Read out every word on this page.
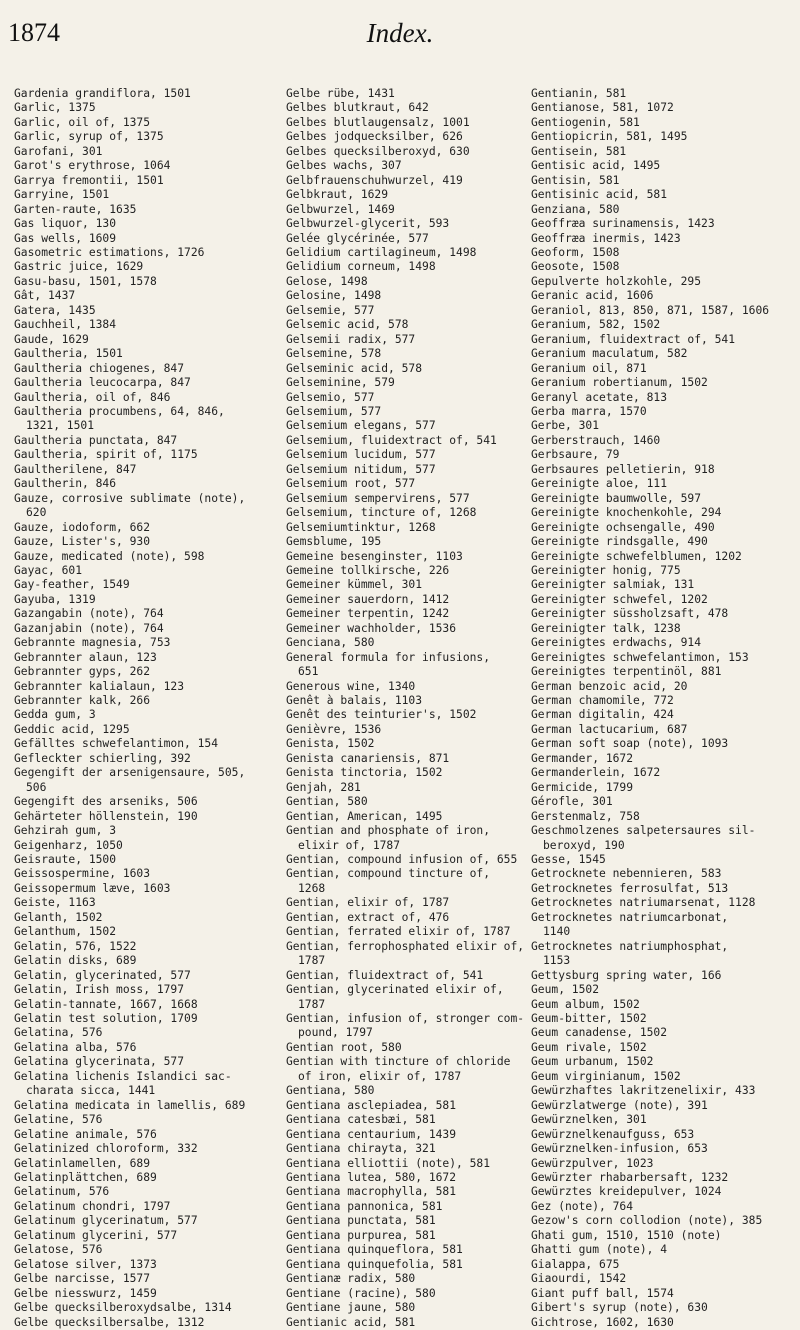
1874	Index.

Gardenia grandiflora, 1501

Garlic, 1375

Garlic, oil of, 1375

Garlic, syrup of, 1375

Garofani, 301

Garot's erythrose, 1064

Garrya fremontii, 1501

Garryine, 1501

Garten-raute, 1635

Gas liquor, 130

Gas wells, 1609

Gasometric estimations, 1726

Gastric juice, 1629

Gasu-basu, 1501, 1578

Gât, 1437

Gatera, 1435

Gauchheil, 1384

Gaude, 1629

Gaultheria, 1501

Gaultheria chiogenes, 847

Gaultheria leucocarpa, 847

Gaultheria, oil of, 846

Gaultheria procumbens, 64, 846,
1321, 1501

Gaultheria punctata, 847

Gaultheria, spirit of, 1175

Gaultherilene, 847

Gaultherin, 846

Gauze, corrosive sublimate (note),
620

Gauze, iodoform, 662

Gauze, Lister's, 930

Gauze, medicated (note), 598

Gayac, 601

Gay-feather, 1549

Gayuba, 1319

Gazangabin (note), 764

Gazanjabin (note), 764

Gebrannte magnesia, 753

Gebrannter alaun, 123

Gebrannter gyps, 262

Gebrannter kalialaun, 123

Gebrannter kalk, 266

Gedda gum, 3

Geddic acid, 1295

Gefälltes schwefelantimon, 154

Gefleckter schierling, 392

Gegengift der arsenigensaure, 505,
506

Gegengift des arseniks, 506

Gehärteter höllenstein, 190

Gehzirah gum, 3

Geigenharz, 1050

Geisraute, 1500

Geissospermine, 1603

Geissopermum læve, 1603

Geiste, 1163

Gelanth, 1502

Gelanthum, 1502

Gelatin, 576, 1522

Gelatin disks, 689

Gelatin, glycerinated, 577

Gelatin, Irish moss, 1797

Gelatin-tannate, 1667, 1668

Gelatin test solution, 1709

Gelatina, 576

Gelatina alba, 576

Gelatina glycerinata, 577

Gelatina lichenis Islandici sac-
charata sicca, 1441

Gelatina medicata in lamellis, 689

Gelatine, 576

Gelatine animale, 576

Gelatinized chloroform, 332

Gelatinlamellen, 689

Gelatinplättchen, 689

Gelatinum, 576

Gelatinum chondri, 1797

Gelatinum glycerinatum, 577

Gelatinum glycerini, 577

Gelatose, 576

Gelatose silver, 1373

Gelbe narcisse, 1577

Gelbe niesswurz, 1459

Gelbe quecksilberoxydsalbe, 1314

Gelbe quecksilbersalbe, 1312

Gelbe rübe, 1431

Gelbes blutkraut, 642

Gelbes blutlaugensalz, 1001

Gelbes jodquecksilber, 626

Gelbes quecksilberoxyd, 630

Gelbes wachs, 307

Gelbfrauenschuhwurzel, 419

Gelbkraut, 1629

Gelbwurzel, 1469

Gelbwurzel-glycerit, 593

Gelée glycérinée, 577

Gelidium cartilagineum, 1498

Gelidium corneum, 1498

Gelose, 1498

Gelosine, 1498

Gelsemie, 577

Gelsemic acid, 578

Gelsemii radix, 577

Gelsemine, 578

Gelseminic acid, 578

Gelseminine, 579

Gelsemio, 577

Gelsemium, 577

Gelsemium elegans, 577

Gelsemium, fluidextract of, 541

Gelsemium lucidum, 577

Gelsemium nitidum, 577

Gelsemium root, 577

Gelsemium sempervirens, 577

Gelsemium, tincture of, 1268

Gelsemiumtinktur, 1268

Gemsblume, 195

Gemeine besenginster, 1103

Gemeine tollkirsche, 226

Gemeiner kümmel, 301

Gemeiner sauerdorn, 1412

Gemeiner terpentin, 1242

Gemeiner wachholder, 1536

Genciana, 580

General formula for infusions,
651

Generous wine, 1340

Genêt à balais, 1103

Genêt des teinturier's, 1502

Genièvre, 1536

Genista, 1502

Genista canariensis, 871

Genista tinctoria, 1502

Genjah, 281

Gentian, 580

Gentian, American, 1495

Gentian and phosphate of iron,
elixir of, 1787

Gentian, compound infusion of, 655

Gentian, compound tincture of,
1268

Gentian, elixir of, 1787

Gentian, extract of, 476

Gentian, ferrated elixir of, 1787

Gentian, ferrophosphated elixir of,
1787

Gentian, fluidextract of, 541

Gentian, glycerinated elixir of,
1787

Gentian, infusion of, stronger com-
pound, 1797

Gentian root, 580

Gentian with tincture of chloride
of iron, elixir of, 1787

Gentiana, 580

Gentiana asclepiadea, 581

Gentiana catesbæi, 581

Gentiana centaurium, 1439

Gentiana chirayta, 321

Gentiana elliottii (note), 581

Gentiana lutea, 580, 1672

Gentiana macrophylla, 581

Gentiana pannonica, 581

Gentiana punctata, 581

Gentiana purpurea, 581

Gentiana quinqueflora, 581

Gentiana quinquefolia, 581

Gentianæ radix, 580

Gentiane (racine), 580

Gentiane jaune, 580

Gentianic acid, 581

Gentianin, 581

Gentianose, 581, 1072

Gentiogenin, 581

Gentiopicrin, 581, 1495

Gentisein, 581

Gentisic acid, 1495

Gentisin, 581

Gentisinic acid, 581

Genziana, 580

Geoffræa surinamensis, 1423

Geoffræa inermis, 1423

Geoform, 1508

Geosote, 1508

Gepulverte holzkohle, 295

Geranic acid, 1606

Geraniol, 813, 850, 871, 1587, 1606

Geranium, 582, 1502

Geranium, fluidextract of, 541

Geranium maculatum, 582

Geranium oil, 871

Geranium robertianum, 1502

Geranyl acetate, 813

Gerba marra, 1570

Gerbe, 301

Gerberstrauch, 1460

Gerbsaure, 79

Gerbsaures pelletierin, 918

Gereinigte aloe, 111

Gereinigte baumwolle, 597

Gereinigte knochenkohle, 294

Gereinigte ochsengalle, 490

Gereinigte rindsgalle, 490

Gereinigte schwefelblumen, 1202

Gereinigter honig, 775

Gereinigter salmiak, 131

Gereinigter schwefel, 1202

Gereinigter süssholzsaft, 478

Gereinigter talk, 1238

Gereinigtes erdwachs, 914

Gereinigtes schwefelantimon, 153

Gereinigtes terpentinöl, 881

German benzoic acid, 20

German chamomile, 772

German digitalin, 424

German lactucarium, 687

German soft soap (note), 1093

Germander, 1672

Germanderlein, 1672

Germicide, 1799

Gérofle, 301

Gerstenmalz, 758

Geschmolzenes salpetersaures sil-
beroxyd, 190

Gesse, 1545

Getrocknete nebennieren, 583

Getrocknetes ferrosulfat, 513

Getrocknetes natriumarsenat, 1128

Getrocknetes natriumcarbonat,
1140

Getrocknetes natriumphosphat,
1153

Gettysburg spring water, 166

Geum, 1502

Geum album, 1502

Geum-bitter, 1502

Geum canadense, 1502

Geum rivale, 1502

Geum urbanum, 1502

Geum virginianum, 1502

Gewürzhaftes lakritzenelixir, 433

Gewürzlatwerge (note), 391

Gewürznelken, 301

Gewürznelkenaufguss, 653

Gewürznelken-infusion, 653

Gewürzpulver, 1023

Gewürzter rhabarbersaft, 1232

Gewürztes kreidepulver, 1024

Gez (note), 764

Gezow's corn collodion (note), 385

Ghati gum, 1510, 1510 (note)

Ghatti gum (note), 4

Gialappa, 675

Giaourdi, 1542

Giant puff ball, 1574

Gibert's syrup (note), 630

Gichtrose, 1602, 1630
